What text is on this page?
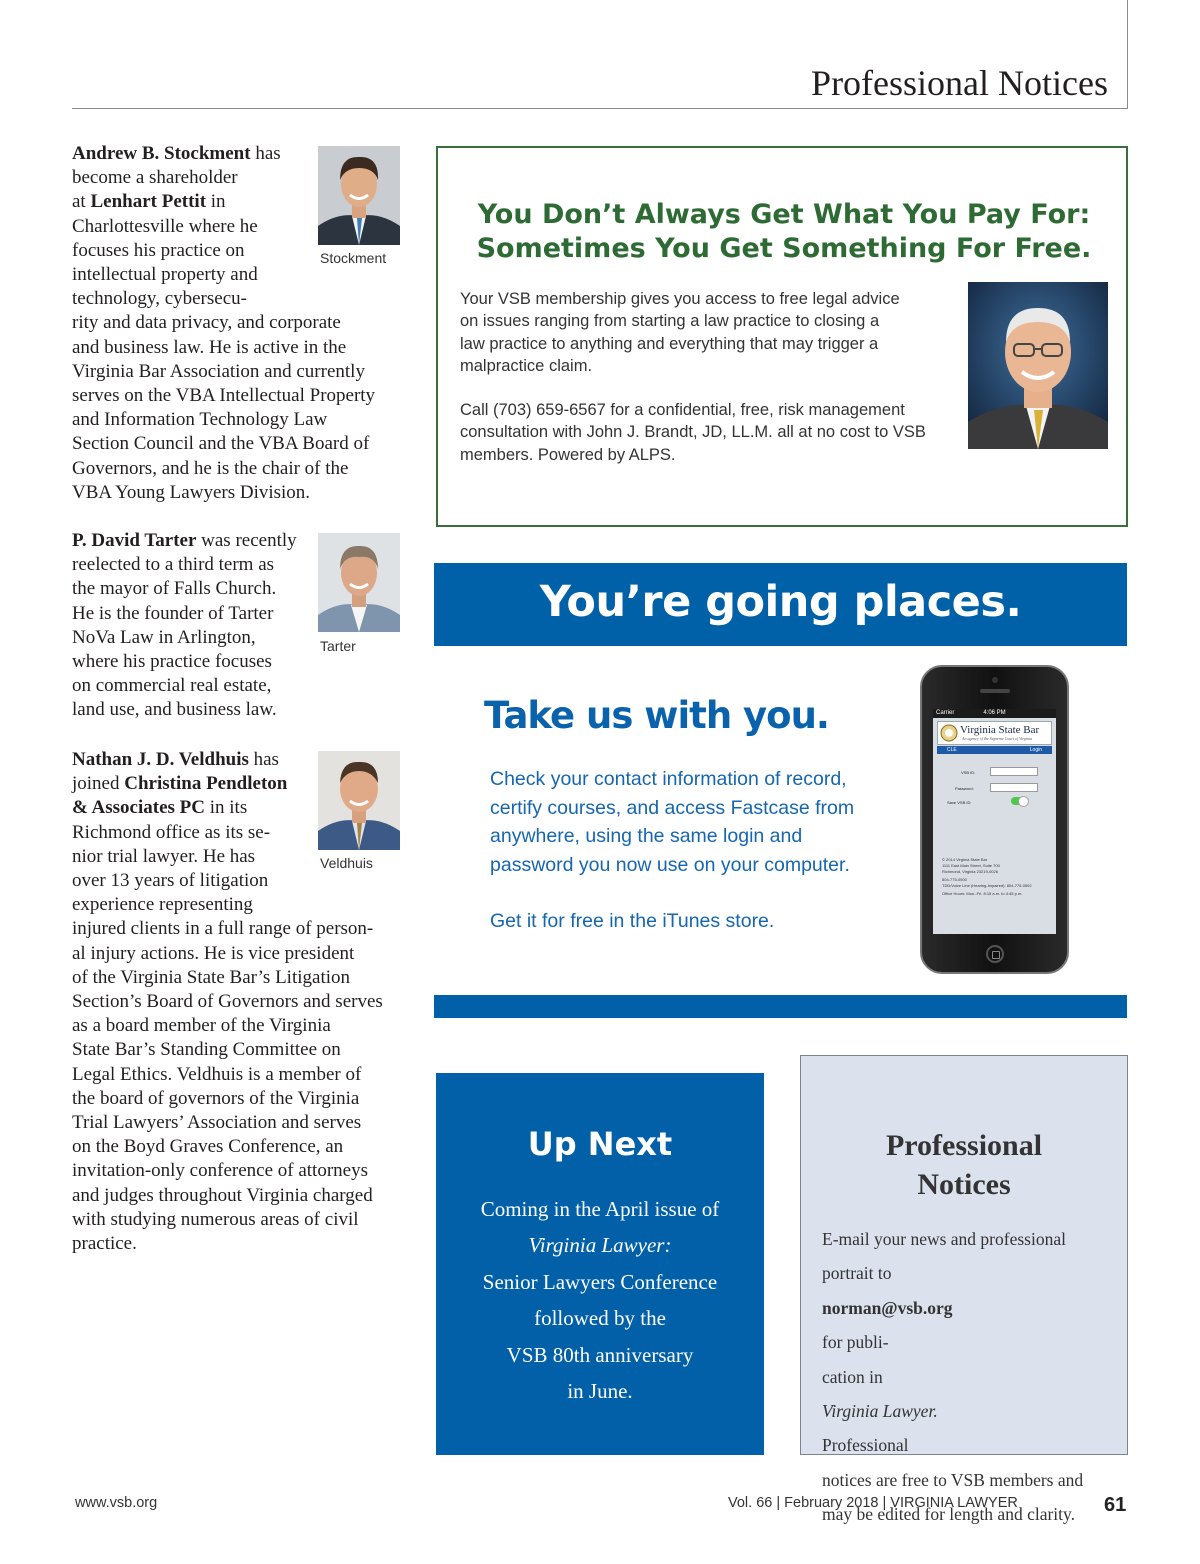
Professional Notices
Andrew B. Stockment has
become a shareholder
at Lenhart Pettit in
Charlottesville where he
focuses his practice on
intellectual property and
technology, cybersecu-
rity and data privacy, and corporate
and business law. He is active in the
Virginia Bar Association and currently
serves on the VBA Intellectual Property
and Information Technology Law
Section Council and the VBA Board of
Governors, and he is the chair of the
VBA Young Lawyers Division.
Stockment
P. David Tarter was recently
reelected to a third term as
the mayor of Falls Church.
He is the founder of Tarter
NoVa Law in Arlington,
where his practice focuses
on commercial real estate,
land use, and business law.
Tarter
Nathan J. D. Veldhuis has
joined Christina Pendleton
& Associates PC in its
Richmond office as its se-
nior trial lawyer. He has
over 13 years of litigation
experience representing
injured clients in a full range of person-
al injury actions. He is vice president
of the Virginia State Bar’s Litigation
Section’s Board of Governors and serves
as a board member of the Virginia
State Bar’s Standing Committee on
Legal Ethics. Veldhuis is a member of
the board of governors of the Virginia
Trial Lawyers’ Association and serves
on the Boyd Graves Conference, an
invitation-only conference of attorneys
and judges throughout Virginia charged
with studying numerous areas of civil
practice.
Veldhuis
You Don’t Always Get What You Pay For:
Sometimes You Get Something For Free.
Your VSB membership gives you access to free legal advice
on issues ranging from starting a law practice to closing a
law practice to anything and everything that may trigger a
malpractice claim.
Call (703) 659-6567 for a confidential, free, risk management
consultation with John J. Brandt, JD, LL.M. all at no cost to VSB
members. Powered by ALPS.
You’re going places.
Take us with you.
Check your contact information of record,
certify courses, and access Fastcase from
anywhere, using the same login and
password you now use on your computer.
Get it for free in the iTunes store.
Carrier	4:06 PM
Virginia State Bar
An agency of the Supreme Court of Virginia
CLE	Login
VSB ID:
Password:
Save VSB ID:
© 2014 Virginia State Bar
1111 East Main Street, Suite 700
Richmond, Virginia 23219-0026
804-775-0500
TDD/Voice Line (Hearing-Impaired): 804-775-0502
Office Hours: Mon.-Fri. 8:15 a.m. to 4:45 p.m.
Up Next
Coming in the April issue of
Virginia Lawyer:
Senior Lawyers Conference
followed by the
VSB 80th anniversary
in June.
Professional
Notices
E-mail your news and professional
portrait to
norman@vsb.org
for publi-
cation in
Virginia Lawyer.
Professional
notices are free to VSB members and
may be edited for length and clarity.
www.vsb.org	Vol. 66 | February 2018 | VIRGINIA LAWYER	61
